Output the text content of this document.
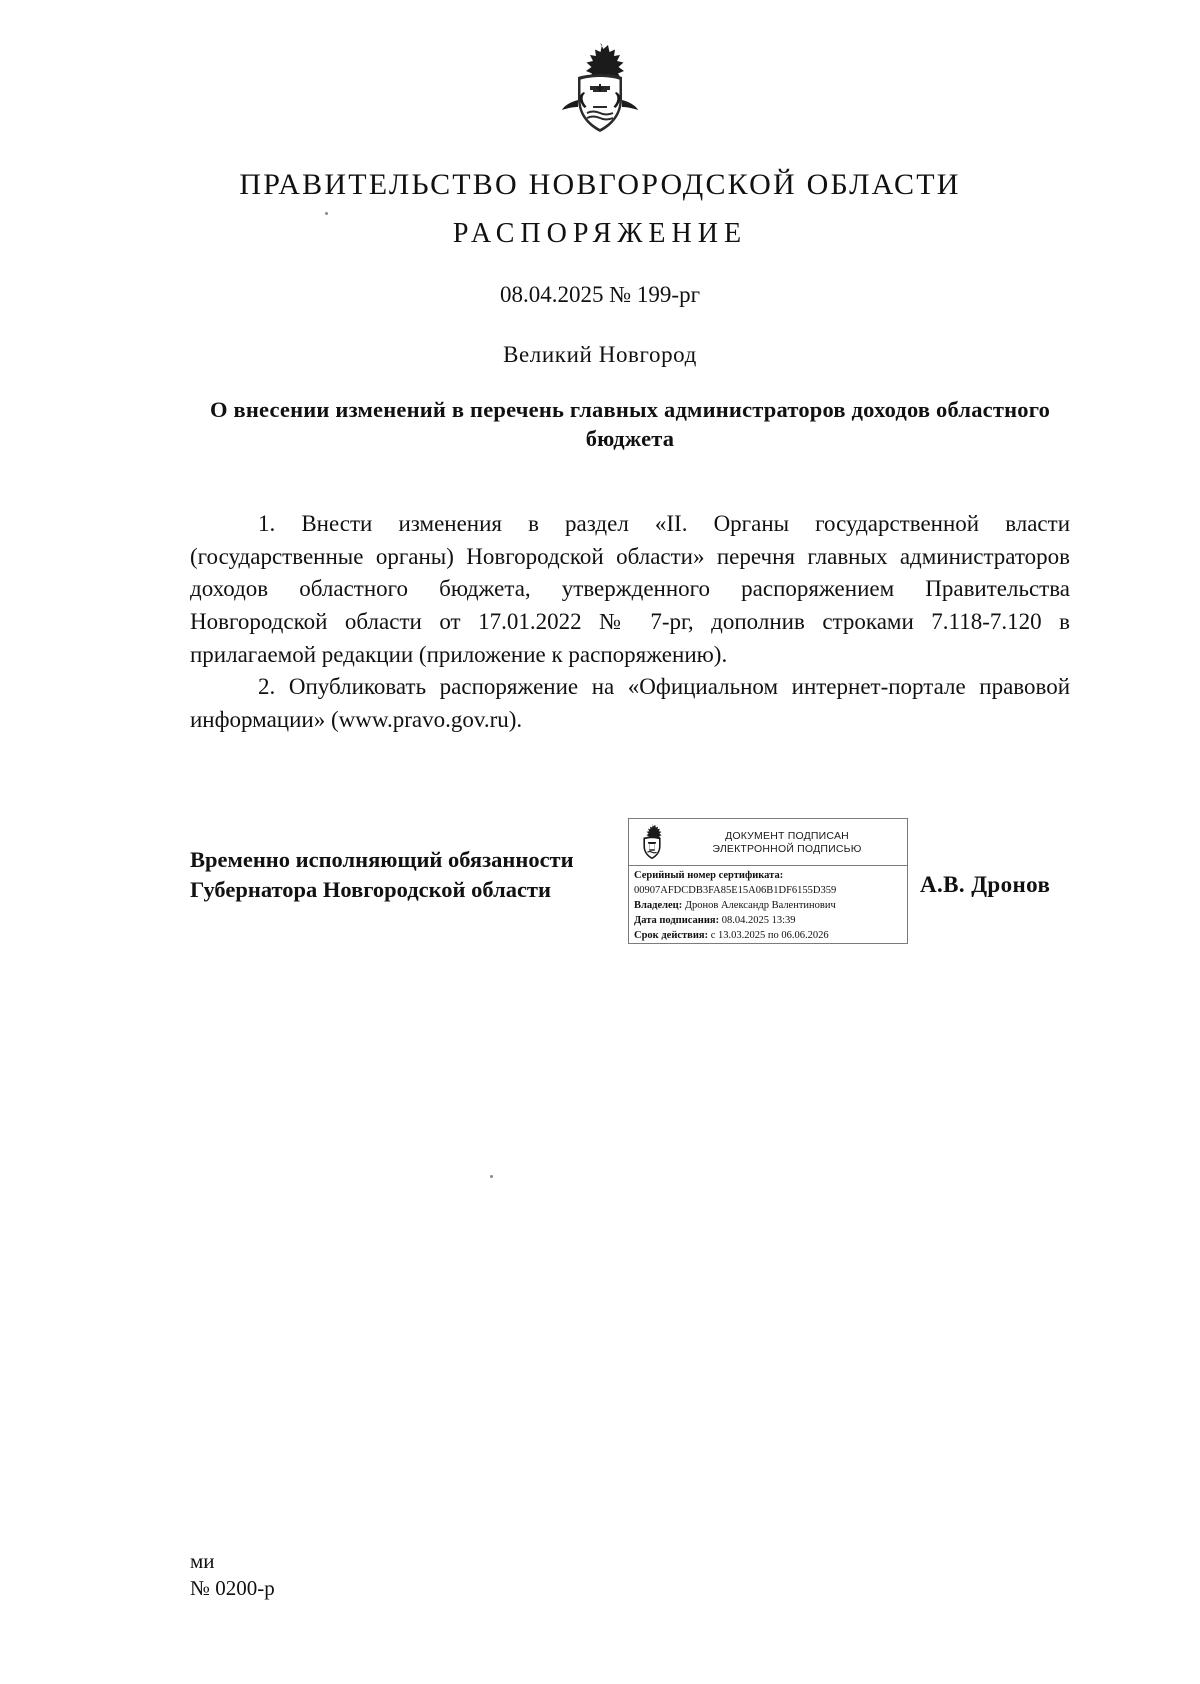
ПРАВИТЕЛЬСТВО НОВГОРОДСКОЙ ОБЛАСТИ
РАСПОРЯЖЕНИЕ
08.04.2025 № 199-рг
Великий Новгород
О внесении изменений в перечень главных администраторов доходов областного бюджета

1. Внести изменения в раздел «II. Органы государственной власти (государственные органы) Новгородской области» перечня главных администраторов доходов областного бюджета, утвержденного распоряжением Правительства Новгородской области от 17.01.2022 № 7-рг, дополнив строками 7.118-7.120 в прилагаемой редакции (приложение к распоряжению).

2. Опубликовать распоряжение на «Официальном интернет-портале правовой информации» (www.pravo.gov.ru).

Временно исполняющий обязанности Губернатора Новгородской области	А.В. Дронов
ДОКУМЕНТ ПОДПИСАН
ЭЛЕКТРОННОЙ ПОДПИСЬЮ
Серийный номер сертификата:
00907AFDCDB3FA85E15A06B1DF6155D359
Владелец: Дронов Александр Валентинович
Дата подписания: 08.04.2025 13:39
Срок действия: с 13.03.2025 по 06.06.2026
ми
№ 0200-р
